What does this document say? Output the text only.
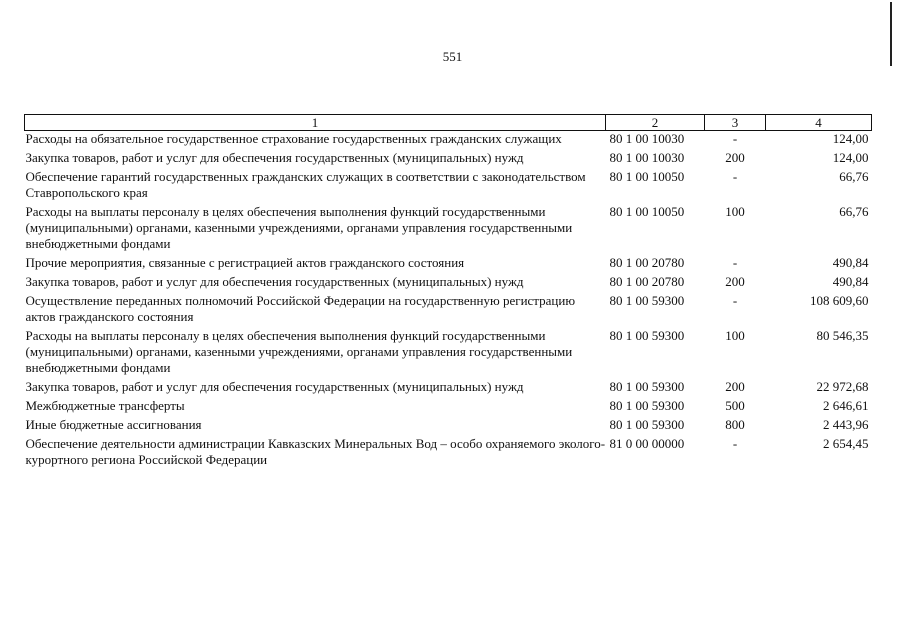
551
1	2	3	4
Расходы на обязательное государственное страхование государственных гражданских служащих	80 1 00 10030	-	124,00
Закупка товаров, работ и услуг для обеспечения государственных (муниципальных) нужд	80 1 00 10030	200	124,00
Обеспечение гарантий государственных гражданских служащих в соответствии с законодательством Ставропольского края	80 1 00 10050	-	66,76
Расходы на выплаты персоналу в целях обеспечения выполнения функций государственными (муниципальными) органами, казенными учреждениями, органами управления государственными внебюджетными фондами	80 1 00 10050	100	66,76
Прочие мероприятия, связанные с регистрацией актов гражданского состояния	80 1 00 20780	-	490,84
Закупка товаров, работ и услуг для обеспечения государственных (муниципальных) нужд	80 1 00 20780	200	490,84
Осуществление переданных полномочий Российской Федерации на государственную регистрацию актов гражданского состояния	80 1 00 59300	-	108 609,60
Расходы на выплаты персоналу в целях обеспечения выполнения функций государственными (муниципальными) органами, казенными учреждениями, органами управления государственными внебюджетными фондами	80 1 00 59300	100	80 546,35
Закупка товаров, работ и услуг для обеспечения государственных (муниципальных) нужд	80 1 00 59300	200	22 972,68
Межбюджетные трансферты	80 1 00 59300	500	2 646,61
Иные бюджетные ассигнования	80 1 00 59300	800	2 443,96
Обеспечение деятельности администрации Кавказских Минеральных Вод – особо охраняемого эколого-курортного региона Российской Федерации	81 0 00 00000	-	2 654,45
